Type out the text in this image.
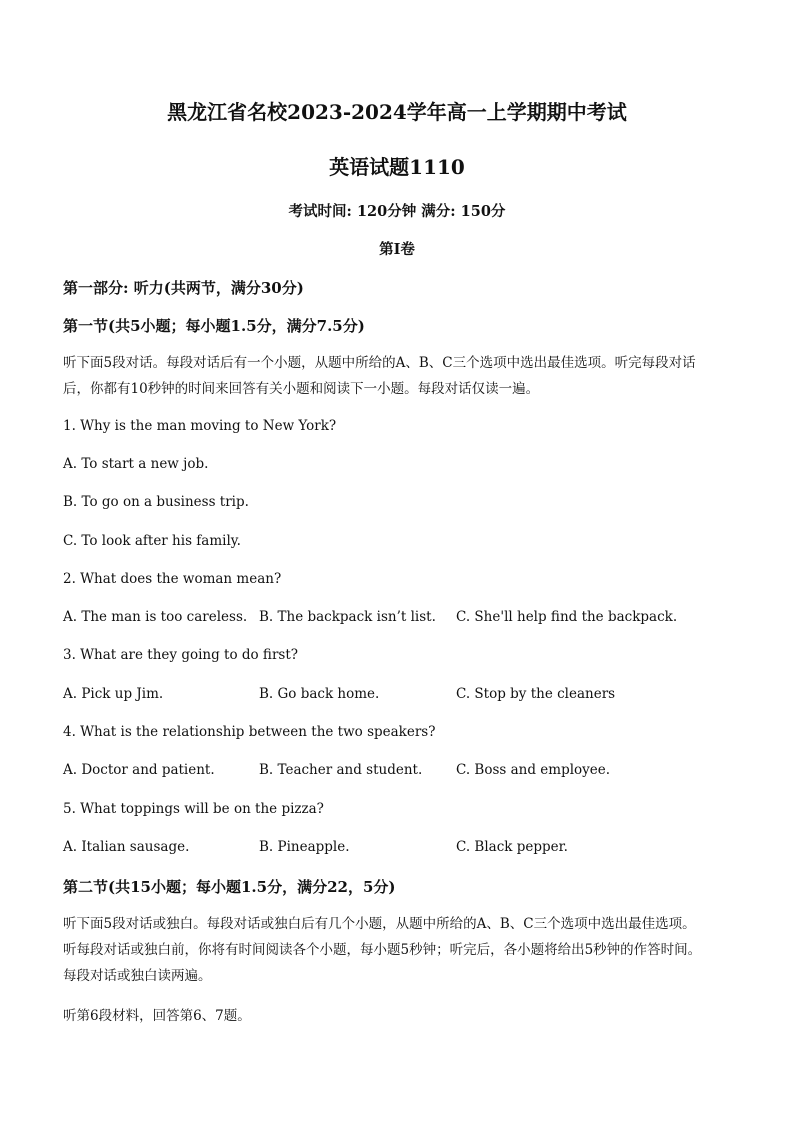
黑龙江省名校2023-2024学年高一上学期期中考试
英语试题1110
考试时间: 120分钟 满分: 150分
第I卷
第一部分: 听力(共两节，满分30分)
第一节(共5小题；每小题1.5分，满分7.5分)
听下面5段对话。每段对话后有一个小题，从题中所给的A、B、C三个选项中选出最佳选项。听完每段对话
后，你都有10秒钟的时间来回答有关小题和阅读下一小题。每段对话仅读一遍。
1. Why is the man moving to New York?
A. To start a new job.
B. To go on a business trip.
C. To look after his family.
2. What does the woman mean?
A. The man is too careless. B. The backpack isn’t list. C. She'll help find the backpack.
3. What are they going to do first?
A. Pick up Jim.	B. Go back home.	C. Stop by the cleaners
4. What is the relationship between the two speakers?
A. Doctor and patient.	B. Teacher and student. C. Boss and employee.
5. What toppings will be on the pizza?
A. Italian sausage.	B. Pineapple.	C. Black pepper.
第二节(共15小题；每小题1.5分，满分22，5分)
听下面5段对话或独白。每段对话或独白后有几个小题，从题中所给的A、B、C三个选项中选出最佳选项。
听每段对话或独白前，你将有时间阅读各个小题，每小题5秒钟；听完后，各小题将给出5秒钟的作答时间。
每段对话或独白读两遍。
听第6段材料，回答第6、7题。
